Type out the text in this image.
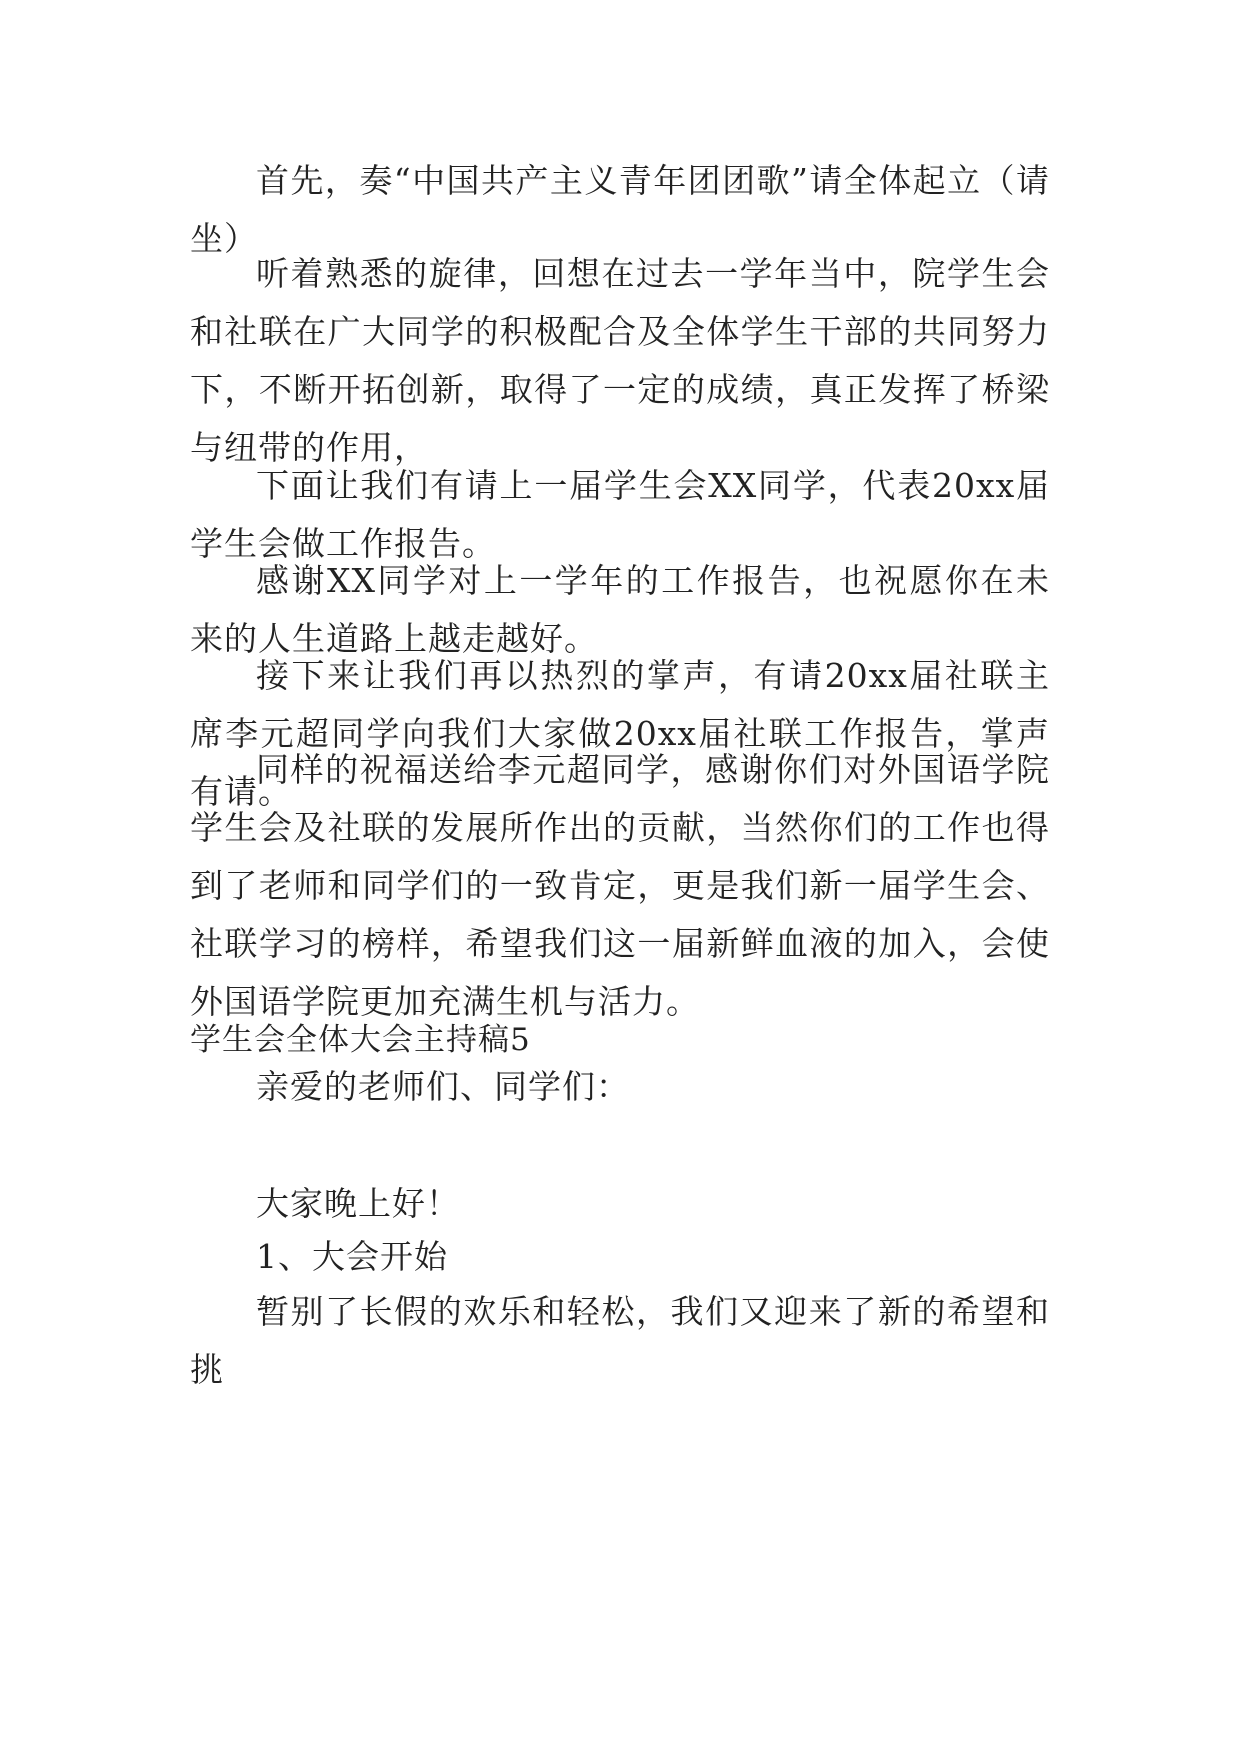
首先，奏“中国共产主义青年团团歌”请全体起立（请坐）

听着熟悉的旋律，回想在过去一学年当中，院学生会和社联在广大同学的积极配合及全体学生干部的共同努力下，不断开拓创新，取得了一定的成绩，真正发挥了桥梁与纽带的作用，

下面让我们有请上一届学生会XX同学，代表20xx届学生会做工作报告。

感谢XX同学对上一学年的工作报告，也祝愿你在未来的人生道路上越走越好。

接下来让我们再以热烈的掌声，有请20xx届社联主席李元超同学向我们大家做20xx届社联工作报告，掌声有请。

同样的祝福送给李元超同学，感谢你们对外国语学院学生会及社联的发展所作出的贡献，当然你们的工作也得到了老师和同学们的一致肯定，更是我们新一届学生会、社联学习的榜样，希望我们这一届新鲜血液的加入，会使外国语学院更加充满生机与活力。

学生会全体大会主持稿5

亲爱的老师们、同学们：

大家晚上好！

1、大会开始

暂别了长假的欢乐和轻松，我们又迎来了新的希望和挑
